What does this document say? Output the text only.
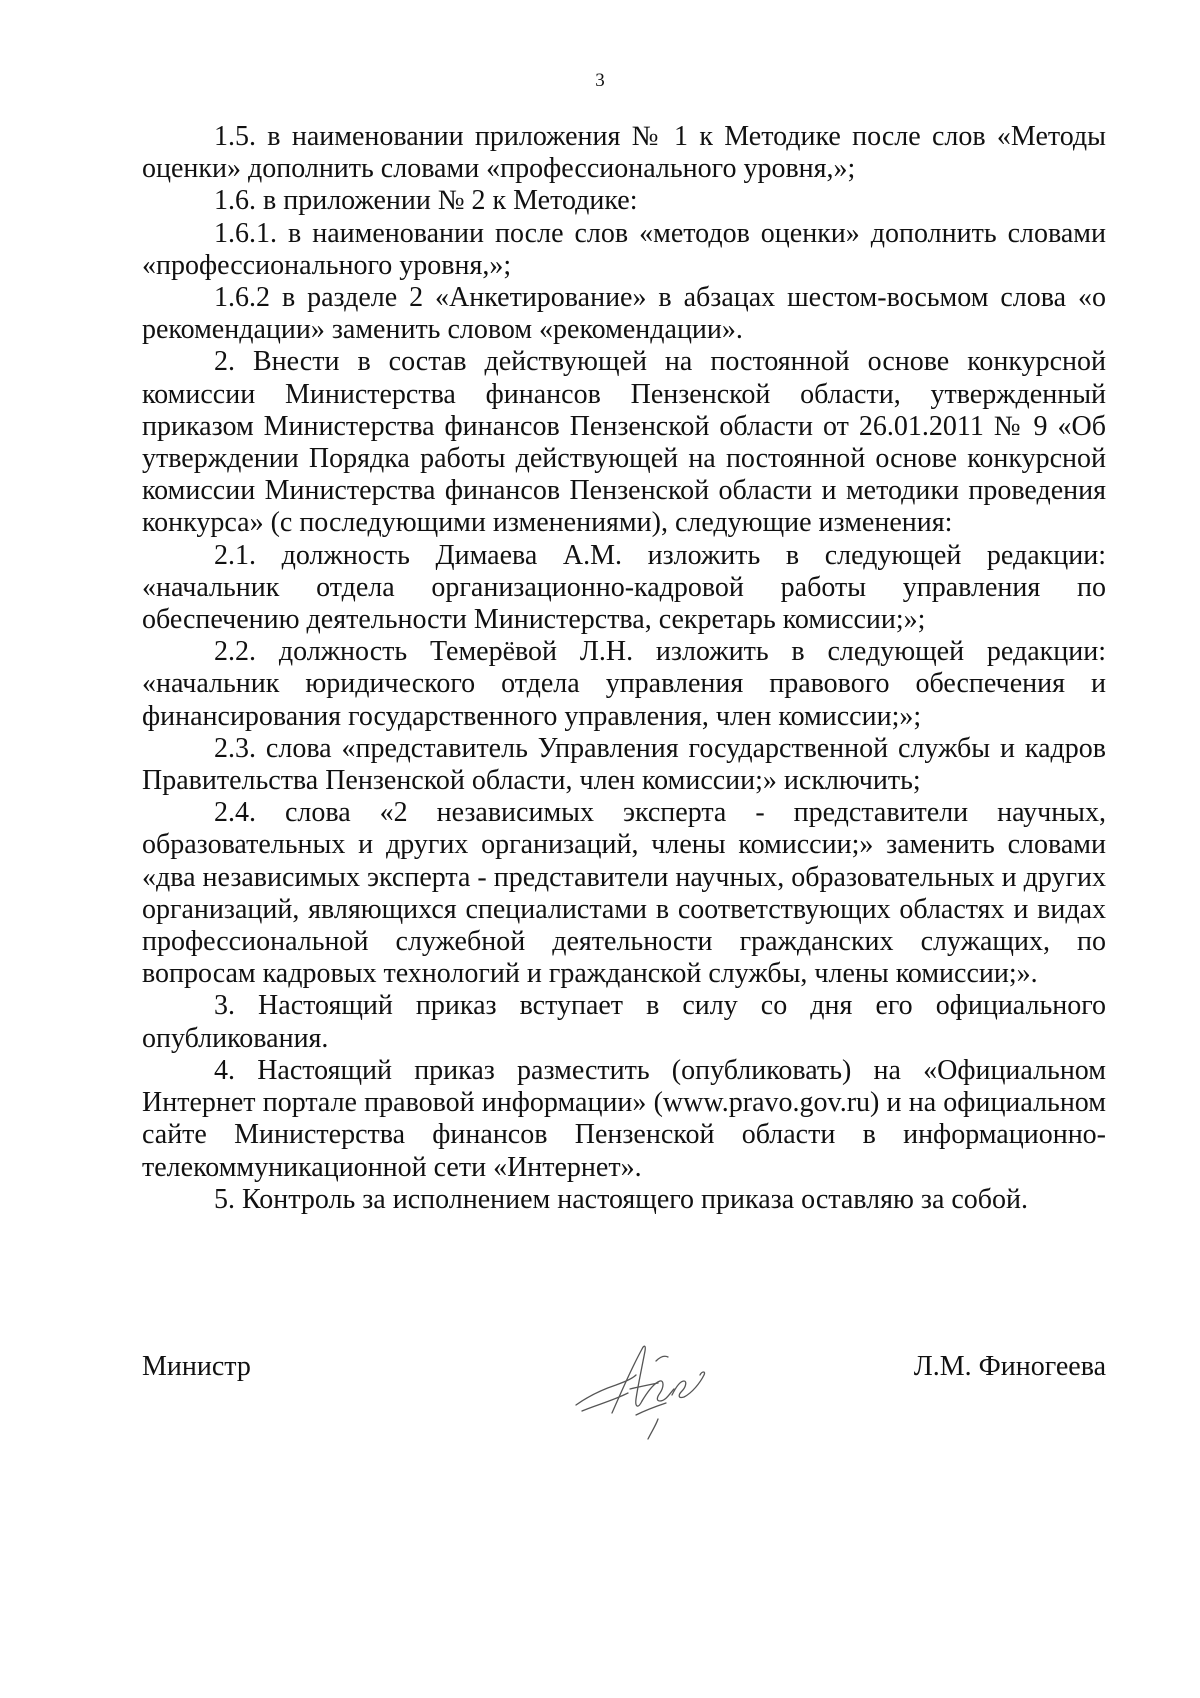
3

1.5. в наименовании приложения № 1 к Методике после слов «Методы оценки» дополнить словами «профессионального уровня,»;

1.6. в приложении № 2 к Методике:

1.6.1. в наименовании после слов «методов оценки» дополнить словами «профессионального уровня,»;

1.6.2 в разделе 2 «Анкетирование» в абзацах шестом-восьмом слова «о рекомендации» заменить словом «рекомендации».

2. Внести в состав действующей на постоянной основе конкурсной комиссии Министерства финансов Пензенской области, утвержденный приказом Министерства финансов Пензенской области от 26.01.2011 № 9 «Об утверждении Порядка работы действующей на постоянной основе конкурсной комиссии Министерства финансов Пензенской области и методики проведения конкурса» (с последующими изменениями), следующие изменения:

2.1. должность Димаева А.М. изложить в следующей редакции: «начальник отдела организационно-кадровой работы управления по обеспечению деятельности Министерства, секретарь комиссии;»;

2.2. должность Темерёвой Л.Н. изложить в следующей редакции: «начальник юридического отдела управления правового обеспечения и финансирования государственного управления, член комиссии;»;

2.3. слова «представитель Управления государственной службы и кадров Правительства Пензенской области, член комиссии;» исключить;

2.4. слова «2 независимых эксперта - представители научных, образовательных и других организаций, члены комиссии;» заменить словами «два независимых эксперта - представители научных, образовательных и других организаций, являющихся специалистами в соответствующих областях и видах профессиональной служебной деятельности гражданских служащих, по вопросам кадровых технологий и гражданской службы, члены комиссии;».

3. Настоящий приказ вступает в силу со дня его официального опубликования.

4. Настоящий приказ разместить (опубликовать) на «Официальном Интернет портале правовой информации» (www.pravo.gov.ru) и на официальном сайте Министерства финансов Пензенской области в информационно-телекоммуникационной сети «Интернет».

5. Контроль за исполнением настоящего приказа оставляю за собой.

Министр	Л.М. Финогеева
